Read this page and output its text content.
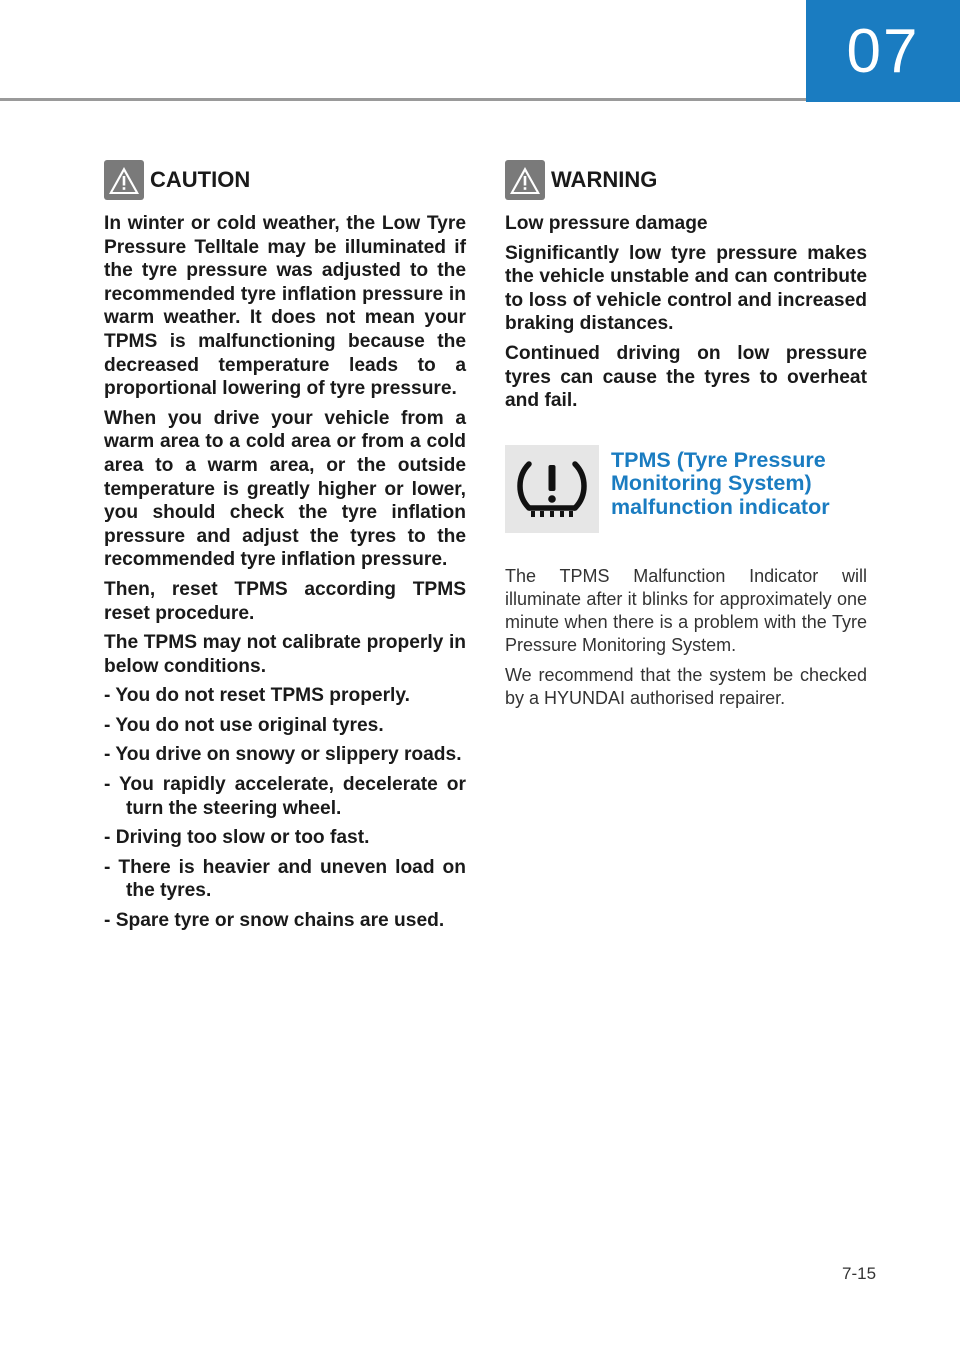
07
CAUTION

In winter or cold weather, the Low Tyre Pressure Telltale may be illuminated if the tyre pressure was adjusted to the recommended tyre inflation pressure in warm weather. It does not mean your TPMS is malfunctioning because the decreased temperature leads to a proportional lowering of tyre pressure.

When you drive your vehicle from a warm area to a cold area or from a cold area to a warm area, or the outside temperature is greatly higher or lower, you should check the tyre inflation pressure and adjust the tyres to the recommended tyre inflation pressure.

Then, reset TPMS according TPMS reset procedure.

The TPMS may not calibrate properly in below conditions.

- You do not reset TPMS properly.

- You do not use original tyres.

- You drive on snowy or slippery roads.

- You rapidly accelerate, decelerate or turn the steering wheel.

- Driving too slow or too fast.

- There is heavier and uneven load on the tyres.

- Spare tyre or snow chains are used.

WARNING

Low pressure damage

Significantly low tyre pressure makes the vehicle unstable and can contribute to loss of vehicle control and increased braking distances.

Continued driving on low pressure tyres can cause the tyres to overheat and fail.

TPMS (Tyre Pressure Monitoring System) malfunction indicator

The TPMS Malfunction Indicator will illuminate after it blinks for approximately one minute when there is a problem with the Tyre Pressure Monitoring System.

We recommend that the system be checked by a HYUNDAI authorised repairer.

7-15
